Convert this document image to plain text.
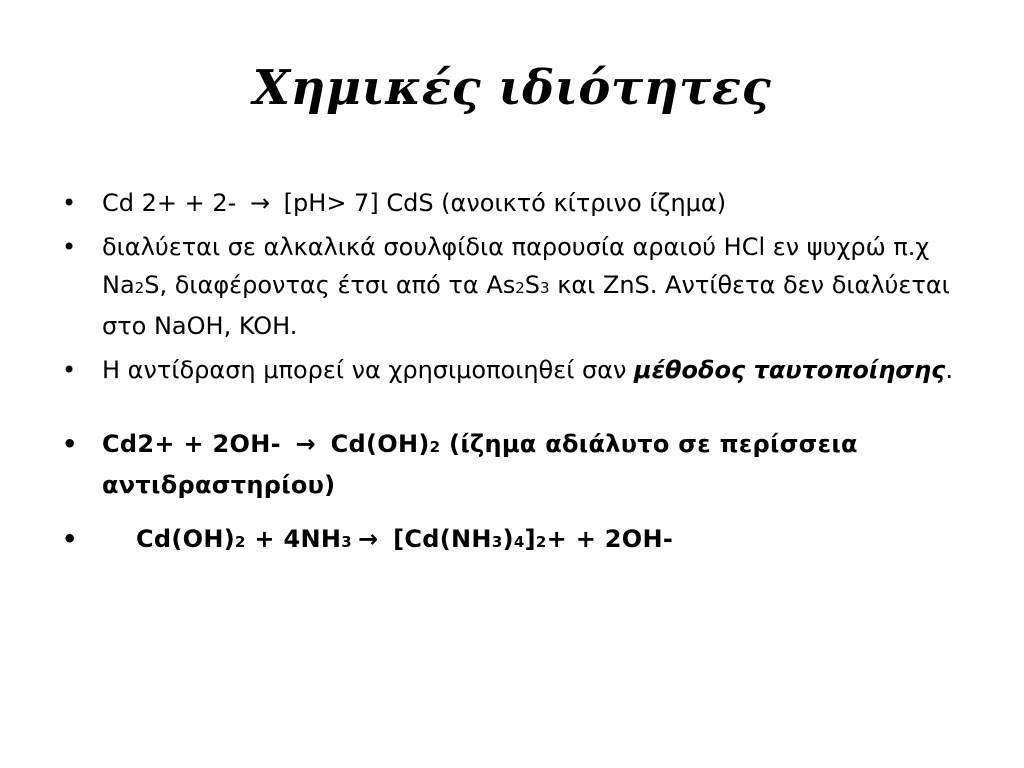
Χημικές ιδιότητες
• Cd 2+ + 2- → [pH> 7] CdS (ανοικτό κίτρινο ίζημα)
• διαλύεται σε αλκαλικά σουλφίδια παρουσία αραιού HCl εν ψυχρώ π.χ Na2S, διαφέροντας έτσι από τα As2S3 και ZnS. Αντίθετα δεν διαλύεται στο NaOH, KOH.
• Η αντίδραση μπορεί να χρησιμοποιηθεί σαν μέθοδος ταυτοποίησης.
• Cd2+ + 2OH- → Cd(OH)2 (ίζημα αδιάλυτο σε περίσσεια αντιδραστηρίου)
• Cd(OH)2 + 4NH3 → [Cd(NH3)4]2+ + 2OH-
